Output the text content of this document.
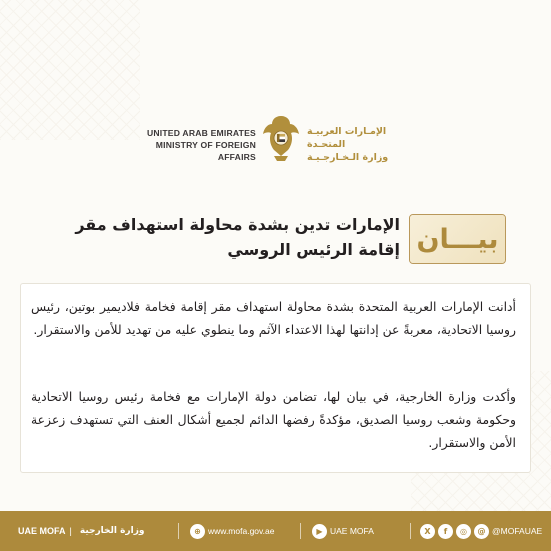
UNITED ARAB EMIRATES
MINISTRY OF FOREIGN AFFAIRS
الإمـارات العربيـة المتحـدة
وزارة الـخـارجـيـة
الإمارات تدين بشدة محاولة استهداف مقر إقامة الرئيس الروسي بيـــان

أدانت الإمارات العربية المتحدة بشدة محاولة استهداف مقر إقامة فخامة فلاديمير بوتين، رئيس روسيا الاتحادية، معربةً عن إدانتها لهذا الاعتداء الآثم وما ينطوي عليه من تهديد للأمن والاستقرار.

وأكدت وزارة الخارجية، في بيان لها، تضامن دولة الإمارات مع فخامة رئيس روسيا الاتحادية وحكومة وشعب روسيا الصديق، مؤكدةً رفضها الدائم لجميع أشكال العنف التي تستهدف زعزعة الأمن والاستقرار.

UAE MOFA | وزارة الخارجية	⊕ www.mofa.gov.ae	▶ UAE MOFA	X	f	◎	@ @MOFAUAE
